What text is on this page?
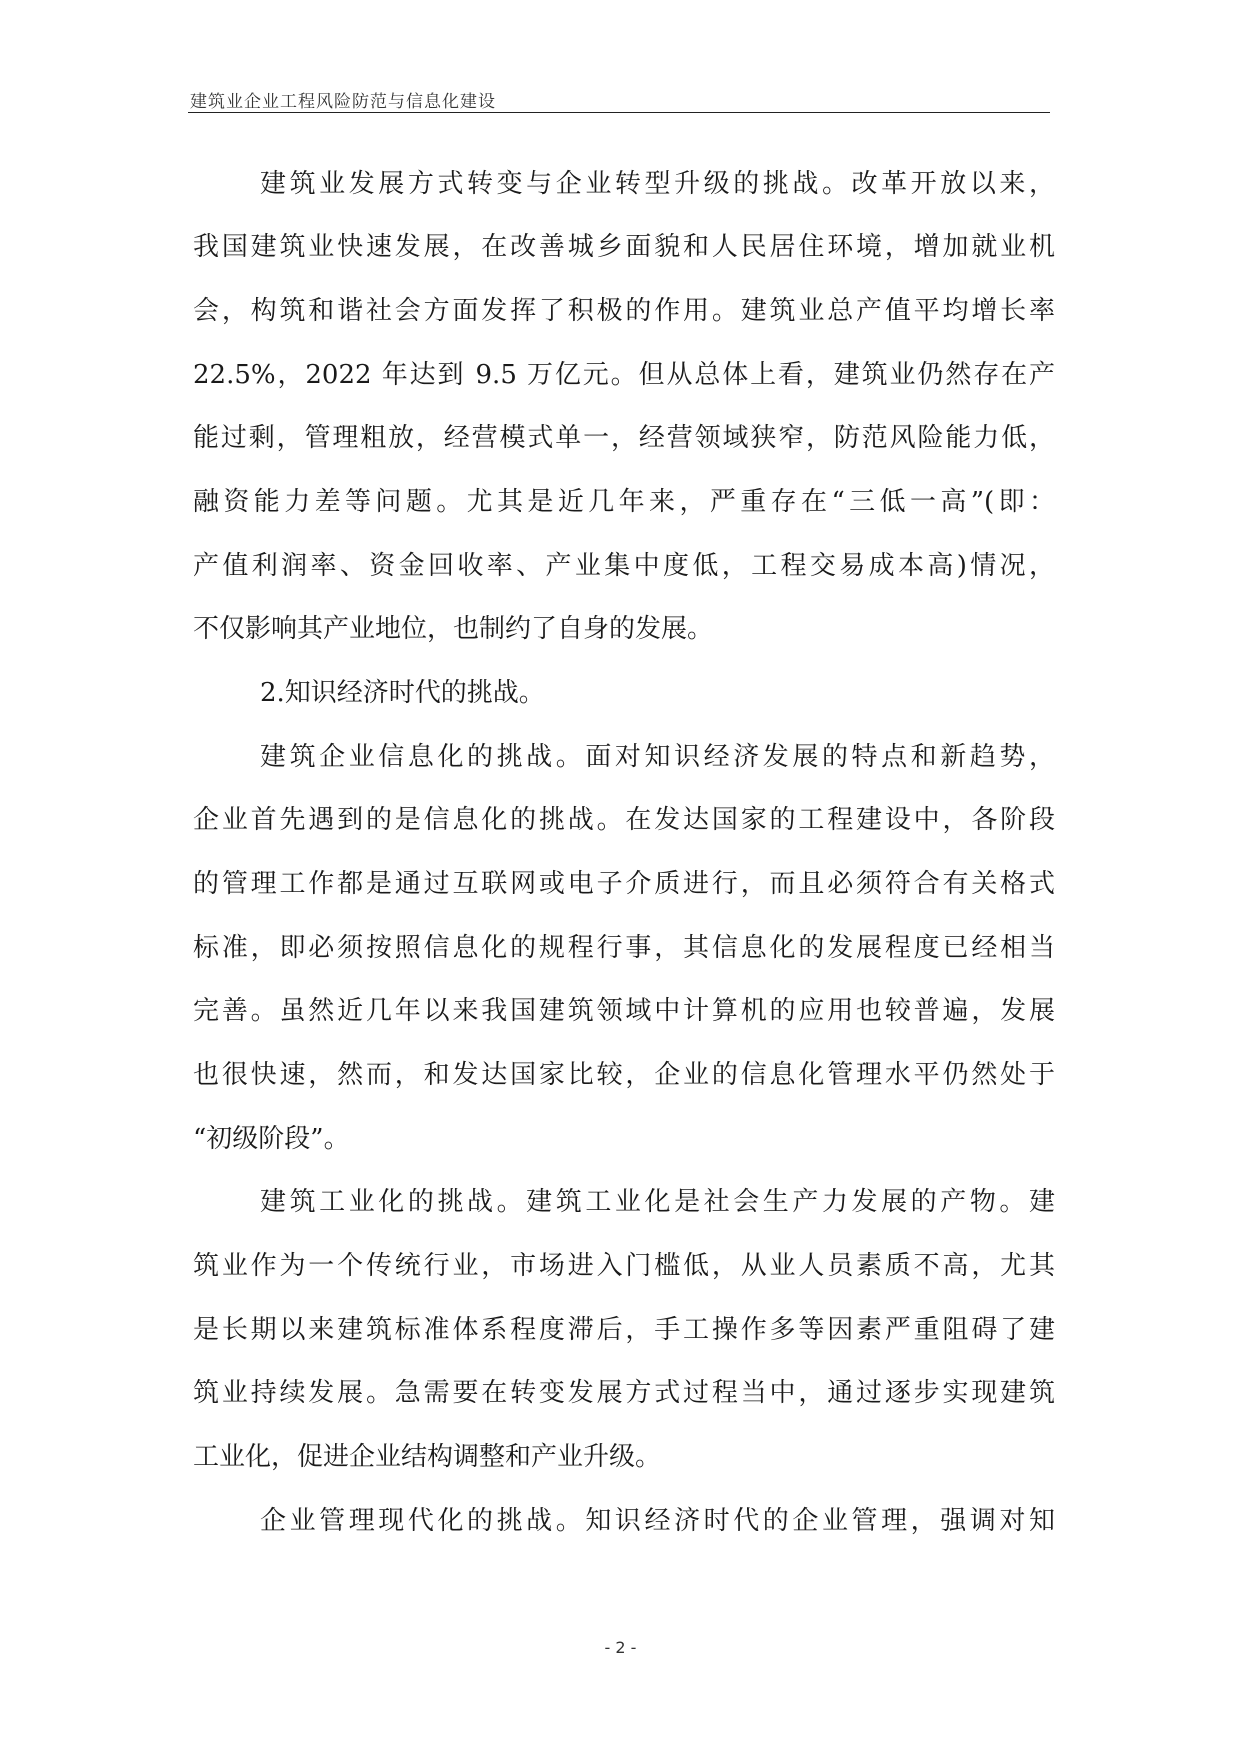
建筑业企业工程风险防范与信息化建设
建筑业发展方式转变与企业转型升级的挑战。改革开放以来，
我国建筑业快速发展，在改善城乡面貌和人民居住环境，增加就业机
会，构筑和谐社会方面发挥了积极的作用。建筑业总产值平均增长率
22.5%，2022 年达到 9.5 万亿元。但从总体上看，建筑业仍然存在产
能过剩，管理粗放，经营模式单一，经营领域狭窄，防范风险能力低，
融资能力差等问题。尤其是近几年来，严重存在“三低一高”(即：
产值利润率、资金回收率、产业集中度低，工程交易成本高)情况，
不仅影响其产业地位，也制约了自身的发展。
2.知识经济时代的挑战。
建筑企业信息化的挑战。面对知识经济发展的特点和新趋势，
企业首先遇到的是信息化的挑战。在发达国家的工程建设中，各阶段
的管理工作都是通过互联网或电子介质进行，而且必须符合有关格式
标准，即必须按照信息化的规程行事，其信息化的发展程度已经相当
完善。虽然近几年以来我国建筑领域中计算机的应用也较普遍，发展
也很快速，然而，和发达国家比较，企业的信息化管理水平仍然处于
“初级阶段”。
建筑工业化的挑战。建筑工业化是社会生产力发展的产物。建
筑业作为一个传统行业，市场进入门槛低，从业人员素质不高，尤其
是长期以来建筑标准体系程度滞后，手工操作多等因素严重阻碍了建
筑业持续发展。急需要在转变发展方式过程当中，通过逐步实现建筑
工业化，促进企业结构调整和产业升级。
企业管理现代化的挑战。知识经济时代的企业管理，强调对知
- 2 -
